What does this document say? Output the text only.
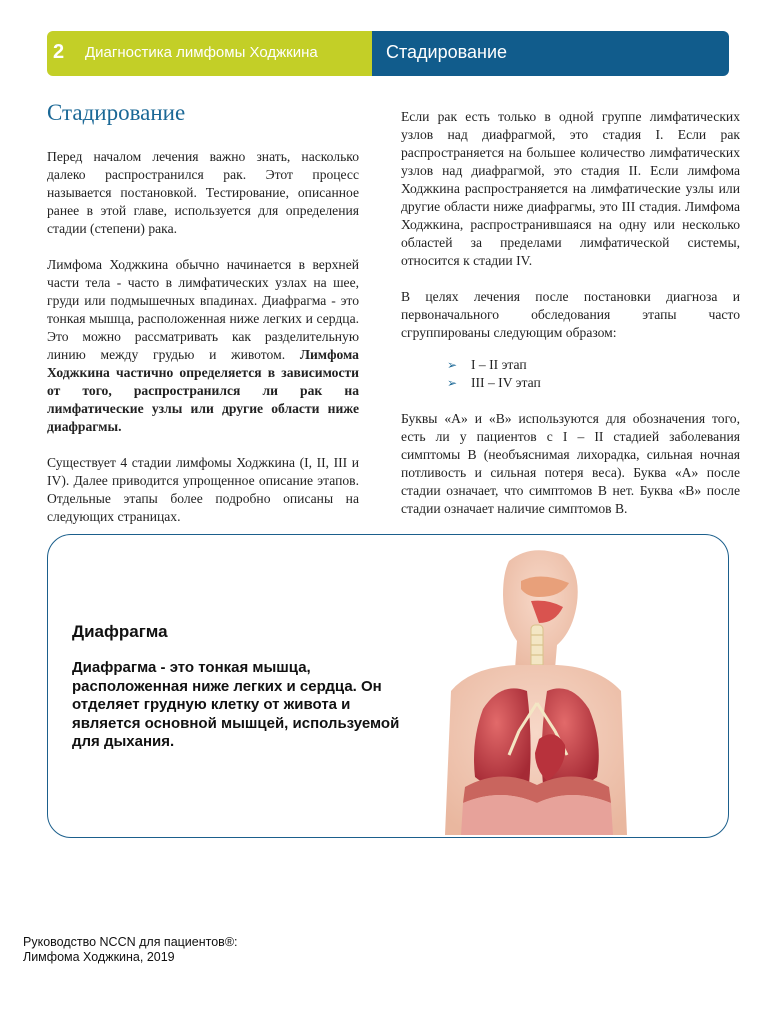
2 Диагностика лимфомы Ходжкина	Стадирование
Стадирование

Перед началом лечения важно знать, насколько далеко распространился рак. Этот процесс называется постановкой. Тестирование, описанное ранее в этой главе, используется для определения стадии (степени) рака.

Лимфома Ходжкина обычно начинается в верхней части тела - часто в лимфатических узлах на шее, груди или подмышечных впадинах. Диафрагма - это тонкая мышца, расположенная ниже легких и сердца. Это можно рассматривать как разделительную линию между грудью и животом. Лимфома Ходжкина частично определяется в зависимости от того, распространился ли рак на лимфатические узлы или другие области ниже диафрагмы.

Существует 4 стадии лимфомы Ходжкина (I, II, III и IV). Далее приводится упрощенное описание этапов. Отдельные этапы более подробно описаны на следующих страницах.

Если рак есть только в одной группе лимфатических узлов над диафрагмой, это стадия I. Если рак распространяется на большее количество лимфатических узлов над диафрагмой, это стадия II. Если лимфома Ходжкина распространяется на лимфатические узлы или другие области ниже диафрагмы, это III стадия. Лимфома Ходжкина, распространившаяся на одну или несколько областей за пределами лимфатической системы, относится к стадии IV.

В целях лечения после постановки диагноза и первоначального обследования этапы часто сгруппированы следующим образом:

➢ I – II этап
➢ III – IV этап

Буквы «A» и «B» используются для обозначения того, есть ли у пациентов с I – II стадией заболевания симптомы B (необъяснимая лихорадка, сильная ночная потливость и сильная потеря веса). Буква «А» после стадии означает, что симптомов B нет. Буква «B» после стадии означает наличие симптомов B.

Диафрагма
Диафрагма - это тонкая мышца, расположенная ниже легких и сердца. Он отделяет грудную клетку от живота и является основной мышцей, используемой для дыхания.
Руководство NCCN для пациентов®:
Лимфома Ходжкина, 2019
